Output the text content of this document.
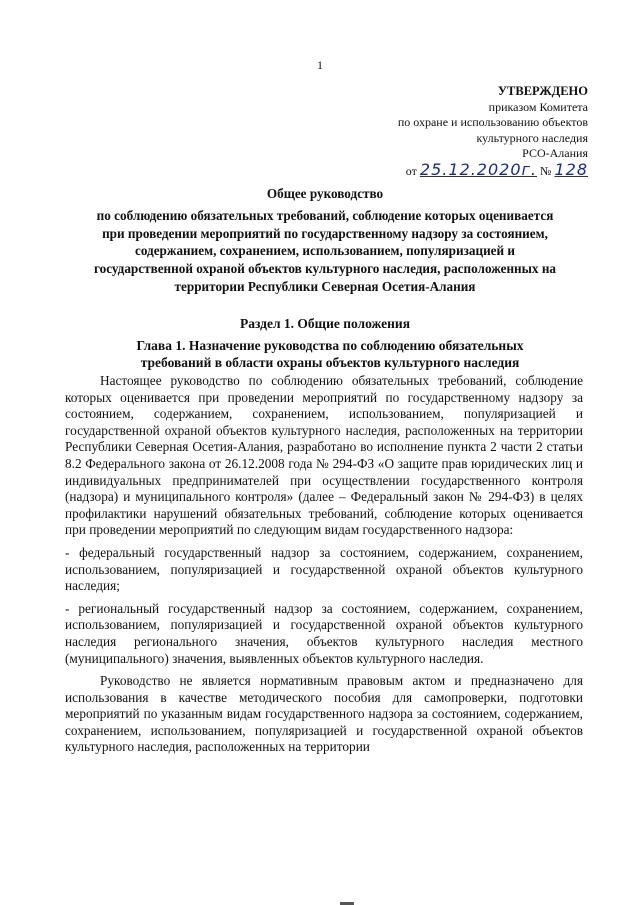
1
УТВЕРЖДЕНО
приказом Комитета
по охране и использованию объектов
культурного наследия
РСО-Алания
от 25.12.2020г. № 128
Общее руководство
по соблюдению обязательных требований, соблюдение которых оценивается
при проведении мероприятий по государственному надзору за состоянием,
содержанием, сохранением, использованием, популяризацией и
государственной охраной объектов культурного наследия, расположенных на
территории Республики Северная Осетия-Алания
Раздел 1. Общие положения
Глава 1. Назначение руководства по соблюдению обязательных
требований в области охраны объектов культурного наследия

Настоящее руководство по соблюдению обязательных требований, соблюдение которых оценивается при проведении мероприятий по государственному надзору за состоянием, содержанием, сохранением, использованием, популяризацией и государственной охраной объектов культурного наследия, расположенных на территории Республики Северная Осетия-Алания, разработано во исполнение пункта 2 части 2 статьи 8.2 Федерального закона от 26.12.2008 года № 294-ФЗ «О защите прав юридических лиц и индивидуальных предпринимателей при осуществлении государственного контроля (надзора) и муниципального контроля» (далее – Федеральный закон № 294-ФЗ) в целях профилактики нарушений обязательных требований, соблюдение которых оценивается при проведении мероприятий по следующим видам государственного надзора:

- федеральный государственный надзор за состоянием, содержанием, сохранением, использованием, популяризацией и государственной охраной объектов культурного наследия;

- региональный государственный надзор за состоянием, содержанием, сохранением, использованием, популяризацией и государственной охраной объектов культурного наследия регионального значения, объектов культурного наследия местного (муниципального) значения, выявленных объектов культурного наследия.

Руководство не является нормативным правовым актом и предназначено для использования в качестве методического пособия для самопроверки, подготовки мероприятий по указанным видам государственного надзора за состоянием, содержанием, сохранением, использованием, популяризацией и государственной охраной объектов культурного наследия, расположенных на территории
